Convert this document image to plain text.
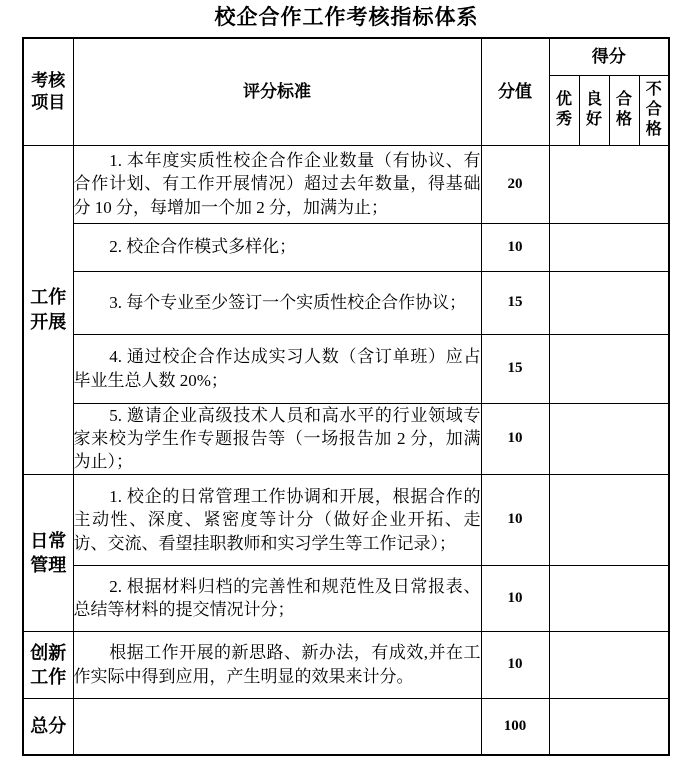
校企合作工作考核指标体系
考核项目	评分标准	分值	得分			
			优秀	良好	合格	不合格
工作开展	1. 本年度实质性校企合作企业数量（有协议、有合作计划、有工作开展情况）超过去年数量，得基础分 10 分，每增加一个加 2 分，加满为止；	20				

	2. 校企合作模式多样化；	10				

	3. 每个专业至少签订一个实质性校企合作协议；	15				

	4. 通过校企合作达成实习人数（含订单班）应占毕业生总人数 20%；	15				

	5. 邀请企业高级技术人员和高水平的行业领域专家来校为学生作专题报告等（一场报告加 2 分，加满为止）；	10				
日常管理	1. 校企的日常管理工作协调和开展，根据合作的主动性、深度、紧密度等计分（做好企业开拓、走访、交流、看望挂职教师和实习学生等工作记录）；	10				

	2. 根据材料归档的完善性和规范性及日常报表、总结等材料的提交情况计分；	10				
创新工作	根据工作开展的新思路、新办法，有成效,并在工作实际中得到应用，产生明显的效果来计分。	10				
总分		100				
